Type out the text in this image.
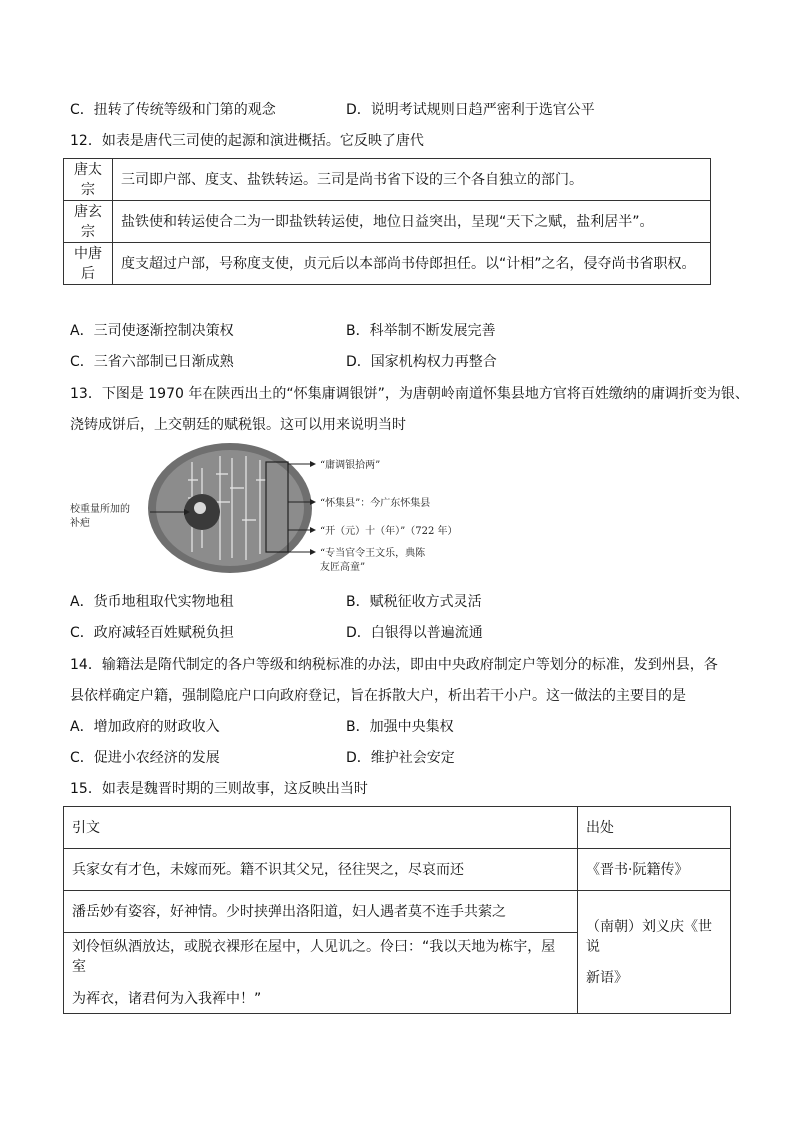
C．扭转了传统等级和门第的观念	D．说明考试规则日趋严密利于选官公平
12．如表是唐代三司使的起源和演进概括。它反映了唐代
唐太宗	三司即户部、度支、盐铁转运。三司是尚书省下设的三个各自独立的部门。
唐玄宗	盐铁使和转运使合二为一即盐铁转运使，地位日益突出，呈现“天下之赋，盐利居半”。
中唐后	度支超过户部，号称度支使，贞元后以本部尚书侍郎担任。以“计相”之名，侵夺尚书省职权。
A．三司使逐渐控制决策权	B．科举制不断发展完善
C．三省六部制已日渐成熟	D．国家机构权力再整合
13．下图是 1970 年在陕西出土的“怀集庸调银饼”，为唐朝岭南道怀集县地方官将百姓缴纳的庸调折变为银、
浇铸成饼后，上交朝廷的赋税银。这可以用来说明当时
校重量所加的
补疤
“庸调银拾两”
“怀集县”：今广东怀集县
“开（元）十（年）”（722 年）
“专当官令王文乐，典陈
友匠高童”
A．货币地租取代实物地租	B．赋税征收方式灵活
C．政府减轻百姓赋税负担	D．白银得以普遍流通
14．输籍法是隋代制定的各户等级和纳税标准的办法，即由中央政府制定户等划分的标准，发到州县，各
县依样确定户籍，强制隐庇户口向政府登记，旨在拆散大户，析出若干小户。这一做法的主要目的是
A．增加政府的财政收入	B．加强中央集权
C．促进小农经济的发展	D．维护社会安定
15．如表是魏晋时期的三则故事，这反映出当时
引文	出处
兵家女有才色，未嫁而死。籍不识其父兄，径往哭之，尽哀而还	《晋书·阮籍传》
潘岳妙有姿容，好神情。少时挟弹出洛阳道，妇人遇者莫不连手共萦之	（南朝）刘义庆《世说
新语》

刘伶恒纵酒放达，或脱衣裸形在屋中，人见讥之。伶曰：“我以天地为栋宇，屋室
为裈衣，诸君何为入我裈中！”	
